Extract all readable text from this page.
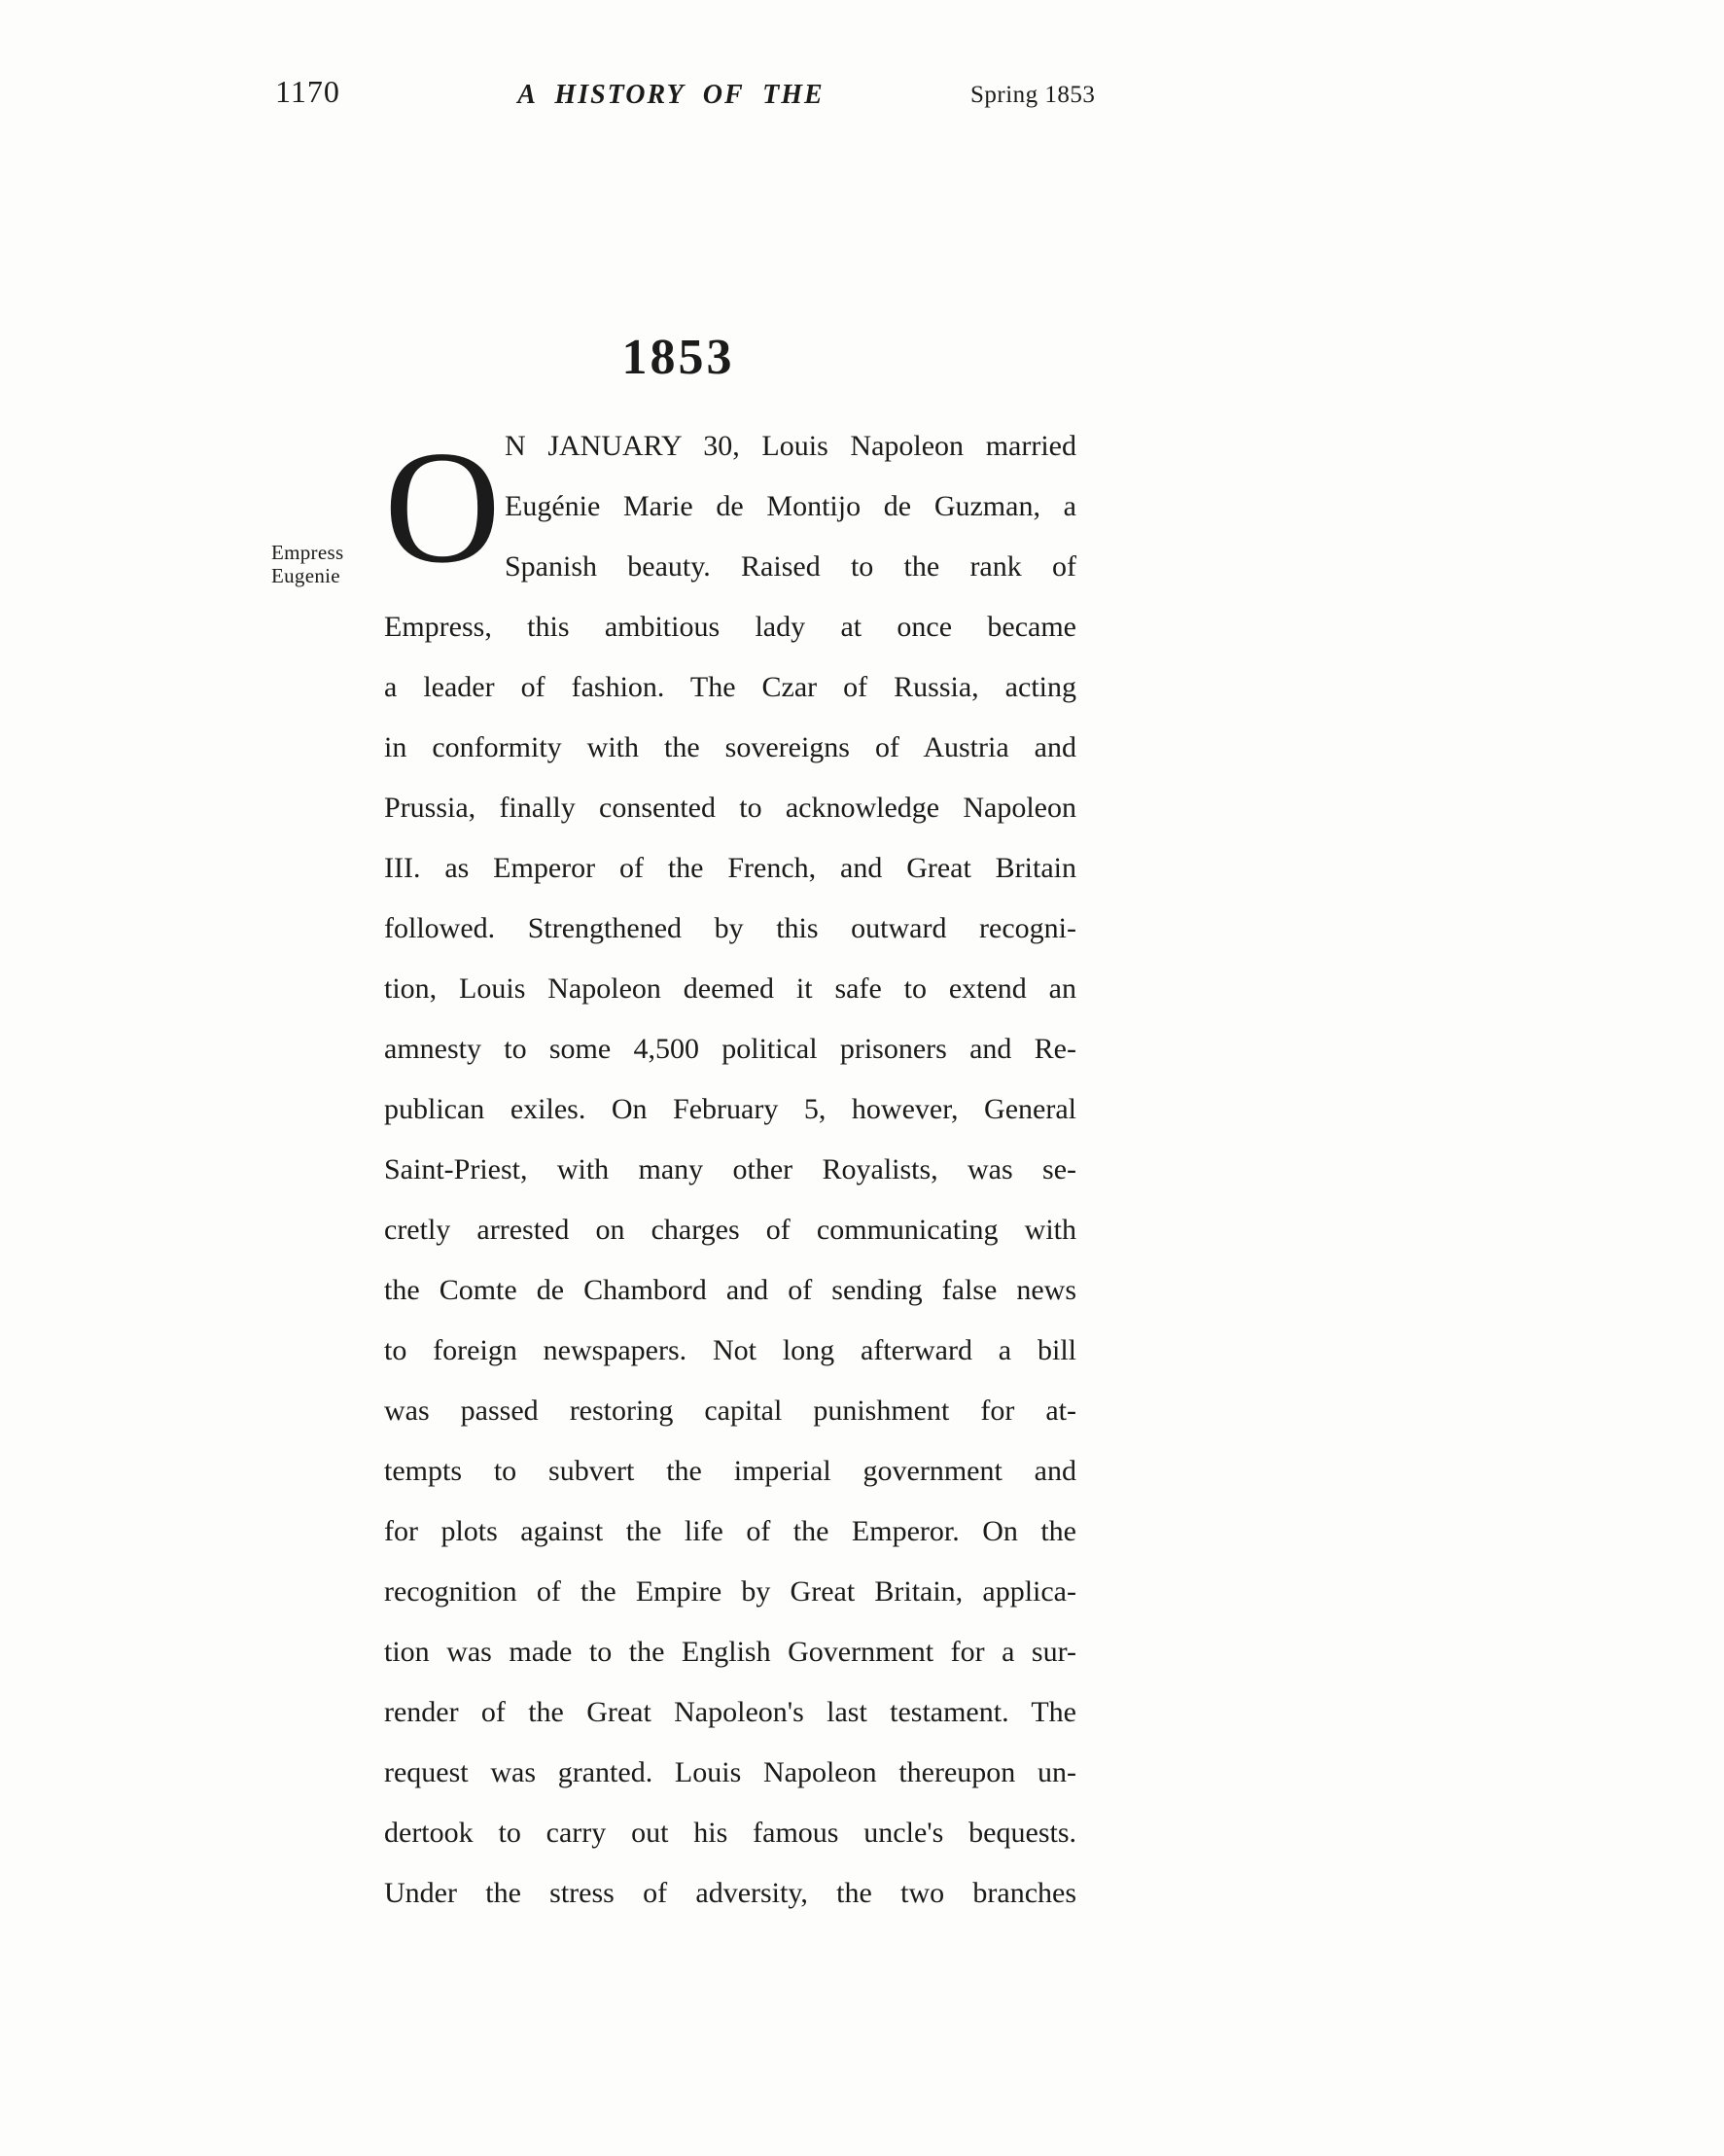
1170	A HISTORY OF THE	Spring 1853
1853
Empress
Eugenie O N JANUARY 30, Louis Napoleon married
Eugénie Marie de Montijo de Guzman, a
Spanish beauty. Raised to the rank of
Empress, this ambitious lady at once became
a leader of fashion. The Czar of Russia, acting
in conformity with the sovereigns of Austria and
Prussia, finally consented to acknowledge Napoleon
III. as Emperor of the French, and Great Britain
followed. Strengthened by this outward recogni-
tion, Louis Napoleon deemed it safe to extend an
amnesty to some 4,500 political prisoners and Re-
publican exiles. On February 5, however, General
Saint-Priest, with many other Royalists, was se-
cretly arrested on charges of communicating with
the Comte de Chambord and of sending false news
to foreign newspapers. Not long afterward a bill
was passed restoring capital punishment for at-
tempts to subvert the imperial government and
for plots against the life of the Emperor. On the
recognition of the Empire by Great Britain, applica-
tion was made to the English Government for a sur-
render of the Great Napoleon's last testament. The
request was granted. Louis Napoleon thereupon un-
dertook to carry out his famous uncle's bequests.
Under the stress of adversity, the two branches
